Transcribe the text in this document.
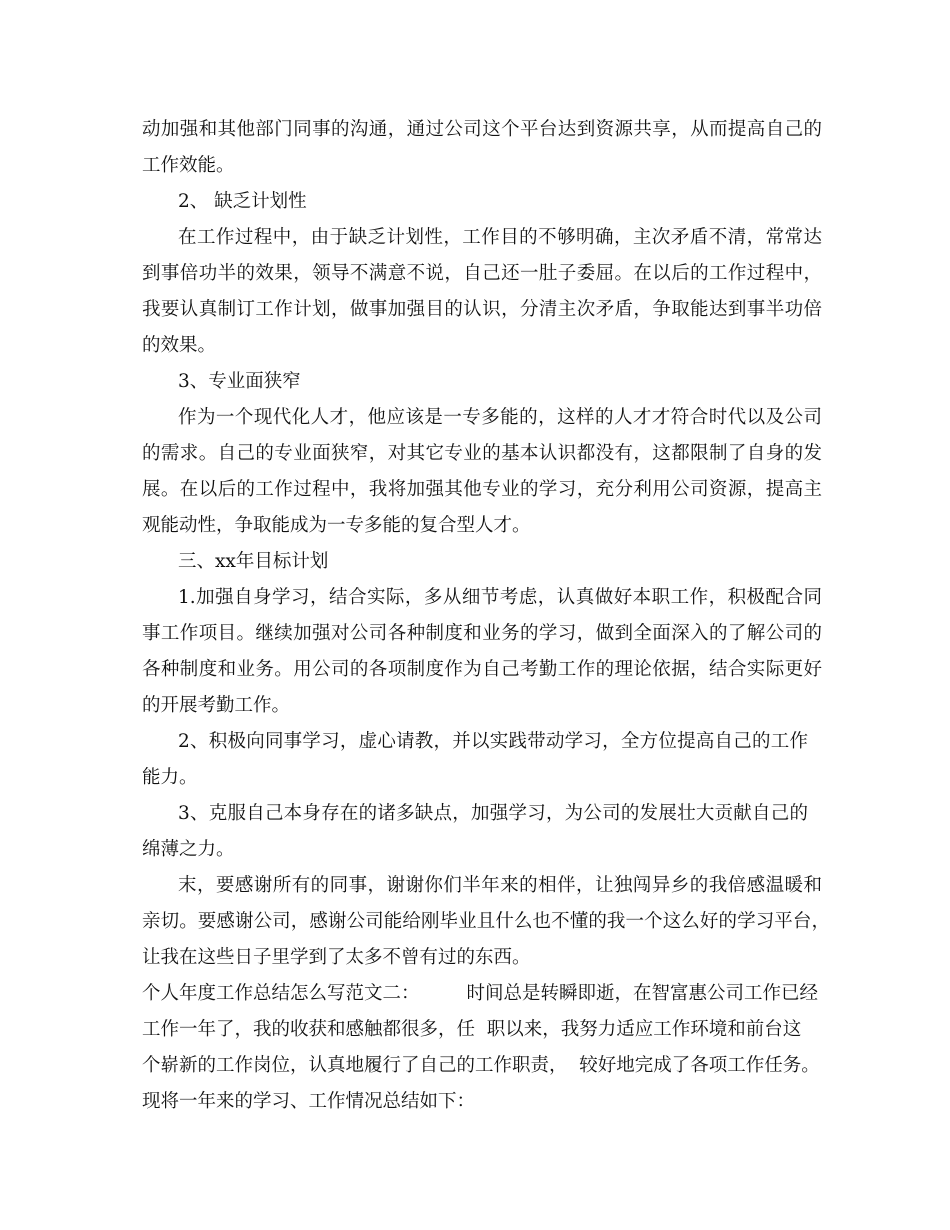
动加强和其他部门同事的沟通，通过公司这个平台达到资源共享，从而提高自己的
工作效能。
2、 缺乏计划性
在工作过程中，由于缺乏计划性，工作目的不够明确，主次矛盾不清，常常达
到事倍功半的效果，领导不满意不说，自己还一肚子委屈。在以后的工作过程中，
我要认真制订工作计划，做事加强目的认识，分清主次矛盾，争取能达到事半功倍
的效果。
3、专业面狭窄
作为一个现代化人才，他应该是一专多能的，这样的人才才符合时代以及公司
的需求。自己的专业面狭窄，对其它专业的基本认识都没有，这都限制了自身的发
展。在以后的工作过程中，我将加强其他专业的学习，充分利用公司资源，提高主
观能动性，争取能成为一专多能的复合型人才。
三、xx年目标计划
1.加强自身学习，结合实际，多从细节考虑，认真做好本职工作，积极配合同
事工作项目。继续加强对公司各种制度和业务的学习，做到全面深入的了解公司的
各种制度和业务。用公司的各项制度作为自己考勤工作的理论依据，结合实际更好
的开展考勤工作。
2、积极向同事学习，虚心请教，并以实践带动学习，全方位提高自己的工作
能力。
3、克服自己本身存在的诸多缺点，加强学习，为公司的发展壮大贡献自己的
绵薄之力。
末，要感谢所有的同事，谢谢你们半年来的相伴，让独闯异乡的我倍感温暖和
亲切。要感谢公司，感谢公司能给刚毕业且什么也不懂的我一个这么好的学习平台，
让我在这些日子里学到了太多不曾有过的东西。
个人年度工作总结怎么写范文二：        时间总是转瞬即逝，在智富惠公司工作已经
工作一年了，我的收获和感触都很多，任  职以来，我努力适应工作环境和前台这
个崭新的工作岗位，认真地履行了自己的工作职责，  较好地完成了各项工作任务。
现将一年来的学习、工作情况总结如下：
